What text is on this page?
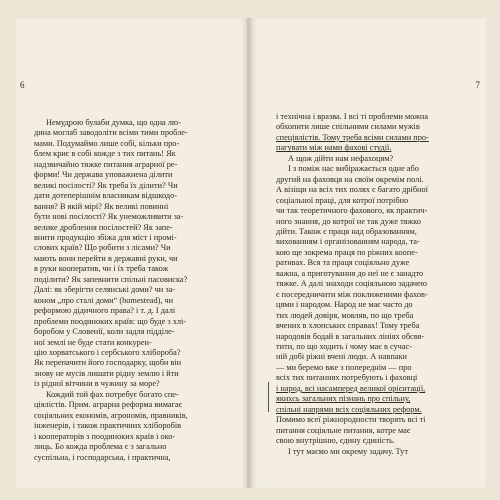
6
Немудрою булаби думка, що одна лю-
дина моглаб заводоліти всіми тими пробле-
мами. Подумаймо лише собі, кільки про-
блем криє в собі кожде з тих питань! Як
надзвичайно тяжке питання аграрної ре-
форми! Чи держава уповажнена ділити
великі посілості? Як треба їх ділити? Чи
дати дотеперішнім власникам відшкодо-
вання? В якій мірі? Як великі повинні
бути нові посілості? Як унеможливити за-
велике дроблення посілостей? Як запе-
внити продукцію збіжа для міст і промі-
слових країв? Що робити з лісами? Чи
мають вони перейти в державні руки, чи
в руки кооператив, чи і їх треба також
поділити? Як запевнити спільні пасовиска?
Далі: як зберігти селянські доми? чи за-
коном „про сталі доми“ (homestead), чи
реформою дідичного права? і т. д. І далі
проблеми поодиноких країв: що буде з хлі-
боробом у Словенії, коли задля підділе-
ної землі не буде стати конкурен-
цію хорватського і сербського хлібороба?
Як перепачити його господарку, щоби він
знову не мусів лишати рідну землю і йти
із рідної вітчини в чужину за море?
Кождий той фах потребує богато спе-
ціялістів. Прим. аграрна реформа вимагає
соціяльних економів, агрономів, правників,
інженерів, і також практичних хліборобів
і кооператорів з поодиноких країв і око-
лиць. Бо кожда проблема є з загально
суспільна, і господарська, і практична,
7
і технічна і вразва. І всі ті проблеми можна
обхопити лише спільними силами мужів
спеціялістів. Тому треба всіми силами про-
пагувати між нами фахові студії.
А щож дійти нам нефахоцям?
І з поміж нас вибіражається однe або
другий на фаховця на своїм окремім полі.
А візіщи на всіх тих полях є багато дрібної
соціальної праці, для котрої потрібно
чи так теоретичного фахового, як практич-
ного знання, до котрої не так дуже тяжко
дійти. Також є праця над образованням,
вихованням і організованням народа, та-
кою ще зокрема праця по ріжних коопе-
ративах. Вся та праця соціяльно дуже
важна, а приготування до неї не є занадто
тяжке. А далі знаходи соціяльною задачею
є посередничити між поклиженими фахов-
цями і народом. Народ не має часто до
тих людей довіря, мовляв, по що треба
вчених в хлопських справах! Тому треба
народовів бодай в загальних лініях обсвя-
тити, по що ходить і чому має в сучас-
ній добі ріжні вчені люди. А навпаки
— ми беремо вже з попереднім — про
всіх тих питаннях потребують і фаховці
і народ, всі насамперед великої орієнтації,
якихсь загальних пізнань про спільну,
спільні напрями всіх соціяльних реформ.
Помимо всеї ріжнородности творять всі ті
питання соціяльне питання, котре має
свою внутрішню, єдину єдиність.
І тут маємо ми окрему задачу. Тут
